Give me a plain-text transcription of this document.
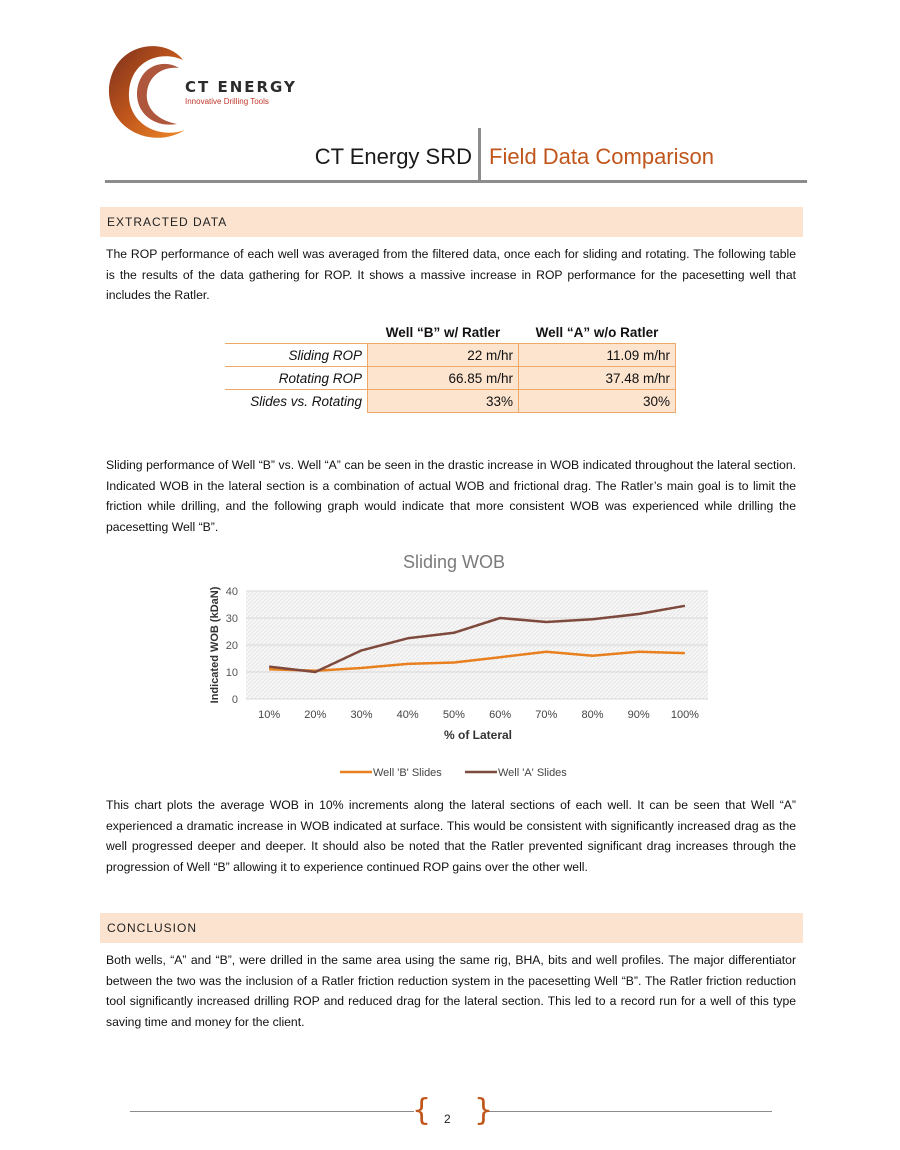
CT ENERGY
Innovative Drilling Tools
CT Energy SRD Field Data Comparison
EXTRACTED DATA
The ROP performance of each well was averaged from the filtered data, once each for sliding and rotating. The following table is the results of the data gathering for ROP. It shows a massive increase in ROP performance for the pacesetting well that includes the Ratler.
	Well “B” w/ Ratler	Well “A” w/o Ratler
Sliding ROP	22 m/hr	11.09 m/hr
Rotating ROP	66.85 m/hr	37.48 m/hr
Slides vs. Rotating	33%	30%
Sliding performance of Well “B” vs. Well “A” can be seen in the drastic increase in WOB indicated throughout the lateral section. Indicated WOB in the lateral section is a combination of actual WOB and frictional drag. The Ratler’s main goal is to limit the friction while drilling, and the following graph would indicate that more consistent WOB was experienced while drilling the pacesetting Well “B”.
Sliding WOB
0
10
20
30
40
10% 20% 30% 40% 50% 60% 70% 80% 90% 100%
Indicated WOB (kDaN)
% of Lateral
Well 'B' Slides	Well 'A' Slides
This chart plots the average WOB in 10% increments along the lateral sections of each well. It can be seen that Well “A” experienced a dramatic increase in WOB indicated at surface. This would be consistent with significantly increased drag as the well progressed deeper and deeper. It should also be noted that the Ratler prevented significant drag increases through the progression of Well “B” allowing it to experience continued ROP gains over the other well.
CONCLUSION
Both wells, “A” and “B”, were drilled in the same area using the same rig, BHA, bits and well profiles. The major differentiator between the two was the inclusion of a Ratler friction reduction system in the pacesetting Well “B”. The Ratler friction reduction tool significantly increased drilling ROP and reduced drag for the lateral section. This led to a record run for a well of this type saving time and money for the client.
{ }
2
